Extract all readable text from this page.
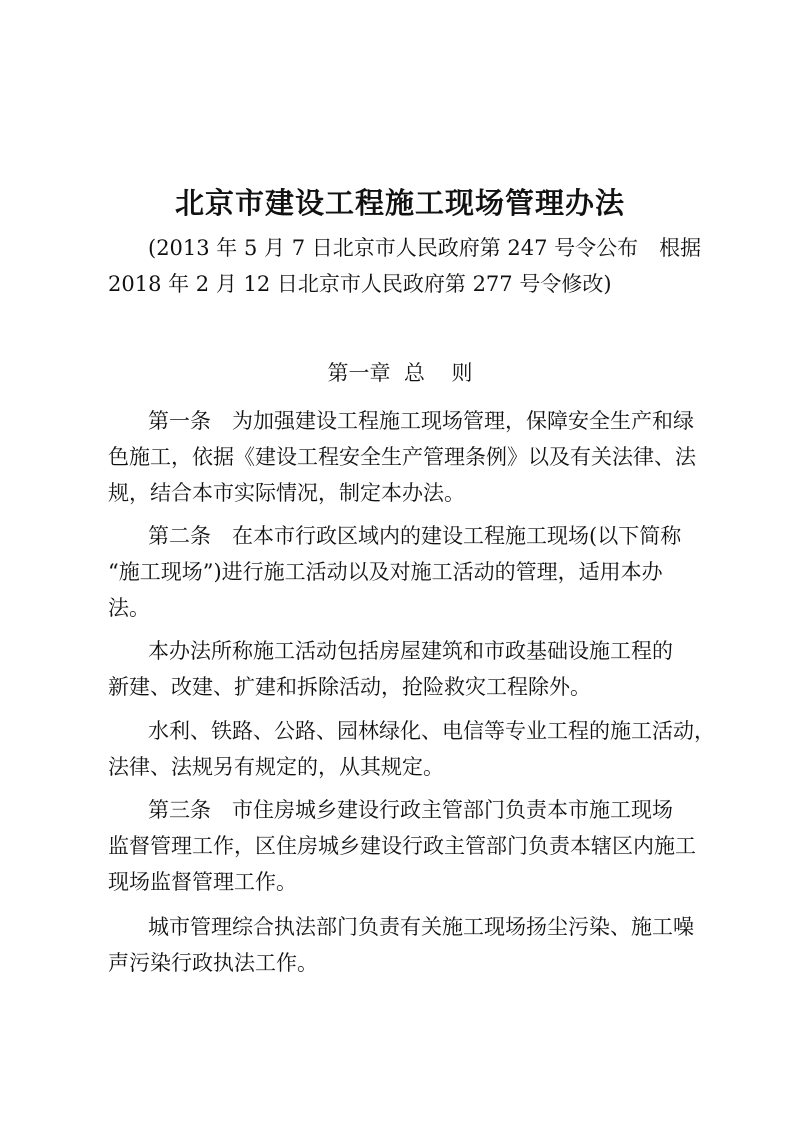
北京市建设工程施工现场管理办法
(2013 年 5 月 7 日北京市人民政府第 247 号令公布　根据
2018 年 2 月 12 日北京市人民政府第 277 号令修改)
第一章  总    则
第一条　为加强建设工程施工现场管理，保障安全生产和绿
色施工，依据《建设工程安全生产管理条例》以及有关法律、法
规，结合本市实际情况，制定本办法。
第二条　在本市行政区域内的建设工程施工现场(以下简称
“施工现场”)进行施工活动以及对施工活动的管理，适用本办
法。
本办法所称施工活动包括房屋建筑和市政基础设施工程的
新建、改建、扩建和拆除活动，抢险救灾工程除外。
水利、铁路、公路、园林绿化、电信等专业工程的施工活动，
法律、法规另有规定的，从其规定。
第三条　市住房城乡建设行政主管部门负责本市施工现场
监督管理工作，区住房城乡建设行政主管部门负责本辖区内施工
现场监督管理工作。
城市管理综合执法部门负责有关施工现场扬尘污染、施工噪
声污染行政执法工作。
